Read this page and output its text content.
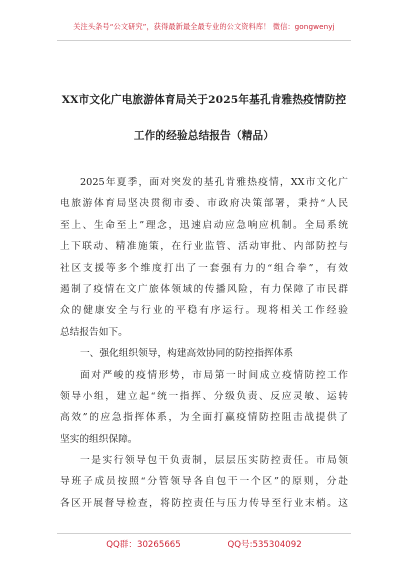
关注头条号“公文研究”，获得最新最全最专业的公文资料库！ 微信：gongwenyj
XX市文化广电旅游体育局关于2025年基孔肯雅热疫情防控
工作的经验总结报告（精品）
2025年夏季，面对突发的基孔肯雅热疫情，XX市文化广
电旅游体育局坚决贯彻市委、市政府决策部署，秉持“人民
至上、生命至上”理念，迅速启动应急响应机制。全局系统
上下联动、精准施策，在行业监管、活动审批、内部防控与
社区支援等多个维度打出了一套强有力的“组合拳”，有效
遏制了疫情在文广旅体领域的传播风险，有力保障了市民群
众的健康安全与行业的平稳有序运行。现将相关工作经验
总结报告如下。
一、强化组织领导，构建高效协同的防控指挥体系
面对严峻的疫情形势，市局第一时间成立疫情防控工作
领导小组，建立起“统一指挥、分级负责、反应灵敏、运转
高效”的应急指挥体系，为全面打赢疫情防控阻击战提供了
坚实的组织保障。
一是实行领导包干负责制，层层压实防控责任。市局领
导班子成员按照“分管领导各自包干一个区”的原则，分赴
各区开展督导检查，将防控责任与压力传导至行业末梢。这
QQ群：30265665	QQ号:535304092
